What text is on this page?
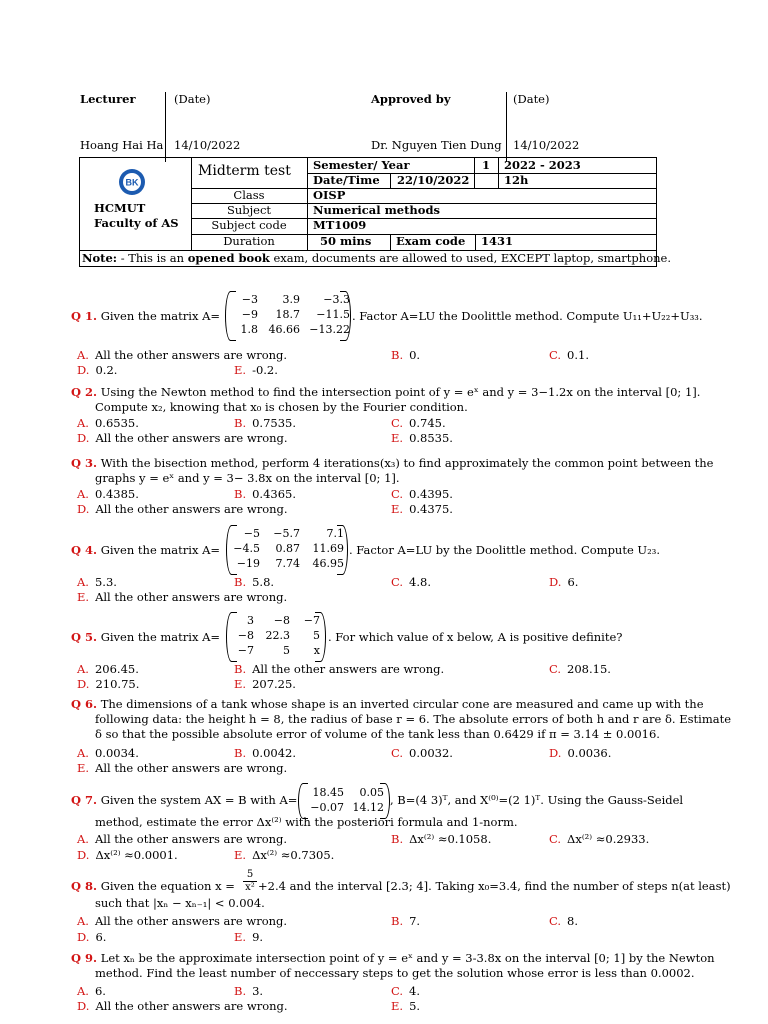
Lecturer	(Date)	Approved by	(Date)
Hoang Hai Ha 14/10/2022	Dr. Nguyen Tien Dung 14/10/2022
Midterm test Semester/ Year	1 2022 - 2023
Date/Time 22/10/2022	12h
Class	OISP
Subject	Numerical methods
Subject code	MT1009
Duration	50 mins Exam code 1431
HCMUT
Faculty of AS
Note: - This is an opened book exam, documents are allowed to used, EXCEPT laptop, smartphone.
BK
Q 1. Given the matrix A=
−3	3.9	−3.3
−9	18.7	−11.5
1.8 46.66 −13.22
. Factor A=LU the Doolittle method. Compute U₁₁+U₂₂+U₃₃.
A. All the other answers are wrong.	B. 0.	C. 0.1.
D. 0.2.	E. -0.2.
Q 2. Using the Newton method to find the intersection point of y = eˣ and y = 3−1.2x on the interval [0; 1].
Compute x₂, knowing that x₀ is chosen by the Fourier condition.
A. 0.6535.	B. 0.7535.	C. 0.745.
D. All the other answers are wrong.	E. 0.8535.
Q 3. With the bisection method, perform 4 iterations(x₃) to find approximately the common point between the
graphs y = eˣ and y = 3− 3.8x on the interval [0; 1].
A. 0.4385.	B. 0.4365.	C. 0.4395.
D. All the other answers are wrong.	E. 0.4375.
Q 4. Given the matrix A=
−5	−5.7	7.1
−4.5	0.87	11.69
−19	7.74	46.95
. Factor A=LU by the Doolittle method. Compute U₂₃.
A. 5.3.	B. 5.8.	C. 4.8.	D. 6.
E. All the other answers are wrong.
Q 5. Given the matrix A=
3	−8	−7
−8	22.3	5
−7	5	x
. For which value of x below, A is positive definite?
A. 206.45.	B. All the other answers are wrong.	C. 208.15.
D. 210.75.	E. 207.25.
Q 6. The dimensions of a tank whose shape is an inverted circular cone are measured and came up with the
following data: the height h = 8, the radius of base r = 6. The absolute errors of both h and r are δ. Estimate
δ so that the possible absolute error of volume of the tank less than 0.6429 if π = 3.14 ± 0.0016.
A. 0.0034.	B. 0.0042.	C. 0.0032.	D. 0.0036.
E. All the other answers are wrong.
Q 7. Given the system AX = B with A=
18.45	0.05
−0.07 14.12
, B=(4 3)ᵀ, and X⁽⁰⁾=(2 1)ᵀ. Using the Gauss-Seidel
method, estimate the error Δx⁽²⁾ with the posteriori formula and 1-norm.
A. All the other answers are wrong.	B. Δx⁽²⁾ ≈0.1058.	C. Δx⁽²⁾ ≈0.2933.
D. Δx⁽²⁾ ≈0.0001.	E. Δx⁽²⁾ ≈0.7305.
Q 8. Given the equation x =
5
x² +2.4 and the interval [2.3; 4]. Taking x₀=3.4, find the number of steps n(at least)
such that |xₙ − xₙ₋₁| < 0.004.
A. All the other answers are wrong.	B. 7.	C. 8.
D. 6.	E. 9.
Q 9. Let xₙ be the approximate intersection point of y = eˣ and y = 3-3.8x on the interval [0; 1] by the Newton
method. Find the least number of neccessary steps to get the solution whose error is less than 0.0002.
A. 6.	B. 3.	C. 4.
D. All the other answers are wrong.	E. 5.
